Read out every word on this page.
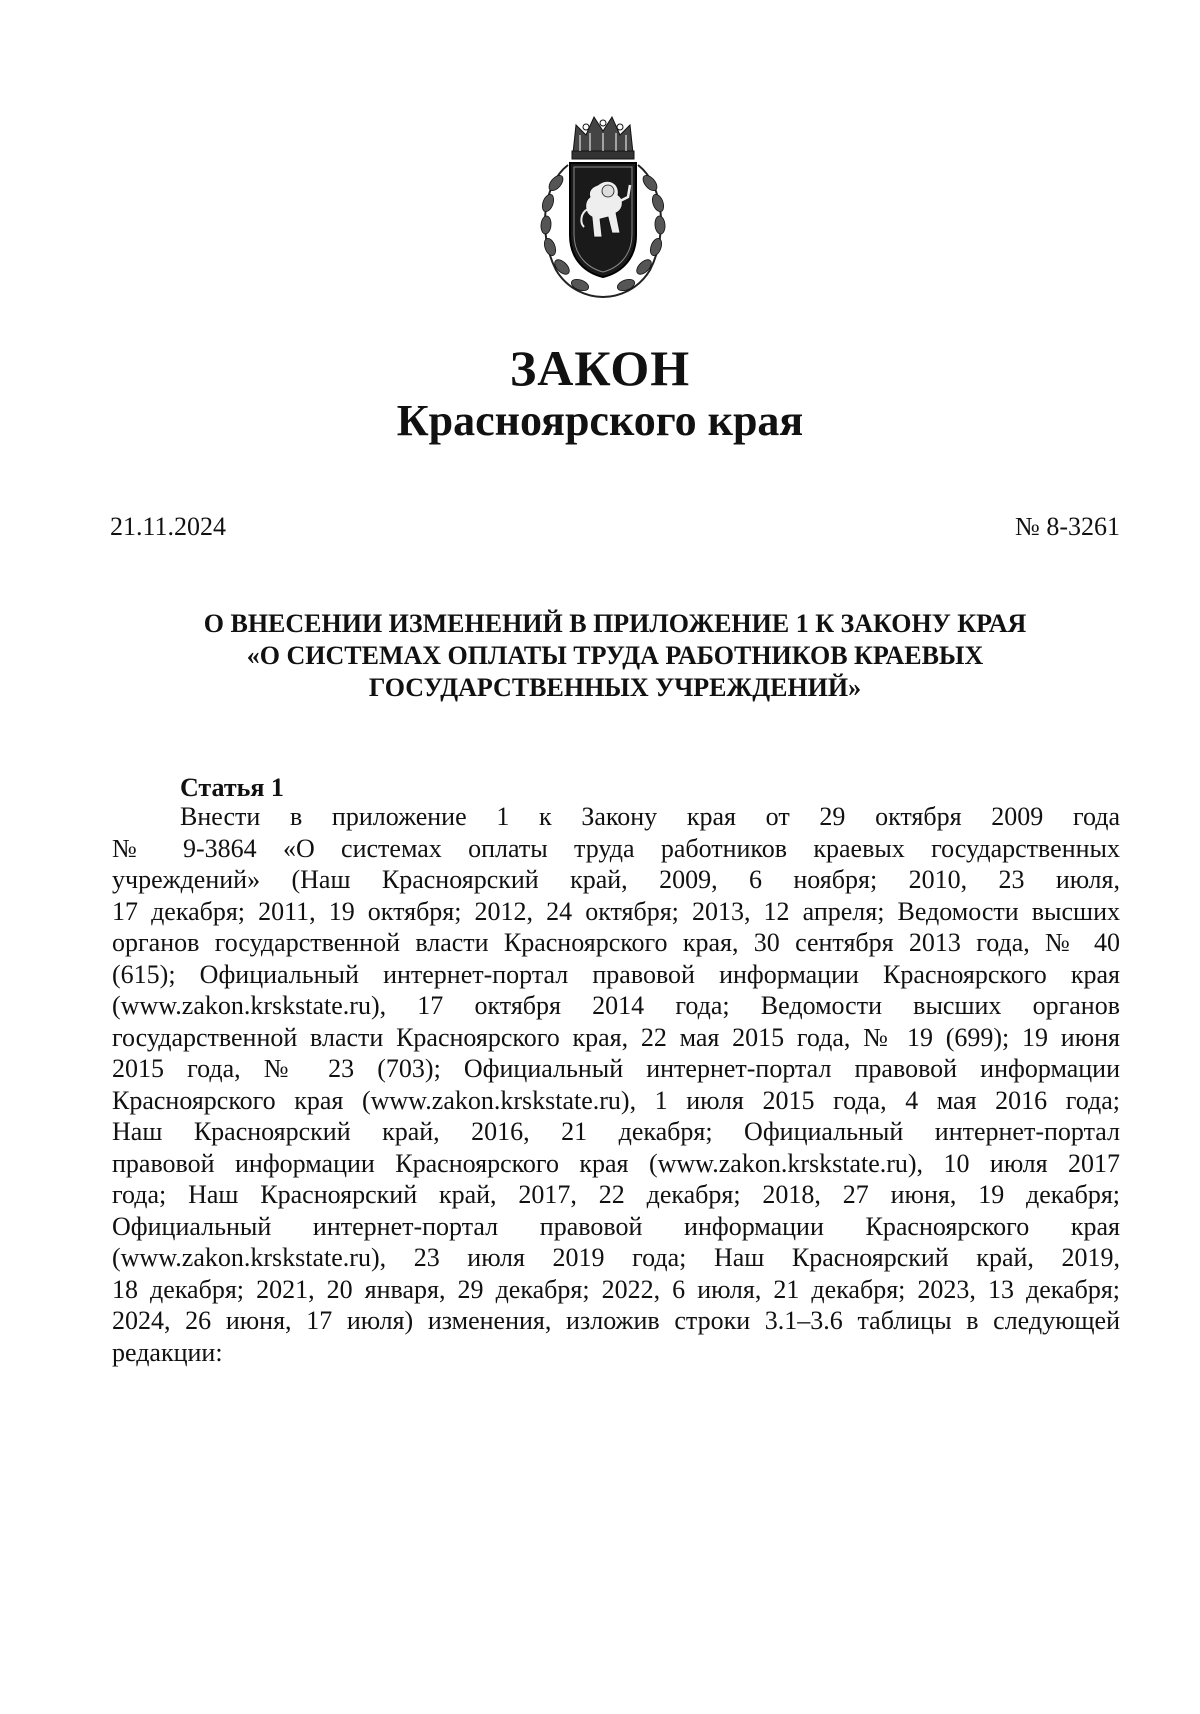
ЗАКОН
Красноярского края
21.11.2024	№ 8-3261
О ВНЕСЕНИИ ИЗМЕНЕНИЙ В ПРИЛОЖЕНИЕ 1 К ЗАКОНУ КРАЯ
«О СИСТЕМАХ ОПЛАТЫ ТРУДА РАБОТНИКОВ КРАЕВЫХ
ГОСУДАРСТВЕННЫХ УЧРЕЖДЕНИЙ»
Статья 1
Внести в приложение 1 к Закону края от 29 октября 2009 года
№ 9-3864 «О системах оплаты труда работников краевых государственных
учреждений» (Наш Красноярский край, 2009, 6 ноября; 2010, 23 июля,
17 декабря; 2011, 19 октября; 2012, 24 октября; 2013, 12 апреля; Ведомости высших
органов государственной власти Красноярского края, 30 сентября 2013 года, № 40
(615); Официальный интернет-портал правовой информации Красноярского края
(www.zakon.krskstate.ru), 17 октября 2014 года; Ведомости высших органов
государственной власти Красноярского края, 22 мая 2015 года, № 19 (699); 19 июня
2015 года, № 23 (703); Официальный интернет-портал правовой информации
Красноярского края (www.zakon.krskstate.ru), 1 июля 2015 года, 4 мая 2016 года;
Наш Красноярский край, 2016, 21 декабря; Официальный интернет-портал
правовой информации Красноярского края (www.zakon.krskstate.ru), 10 июля 2017
года; Наш Красноярский край, 2017, 22 декабря; 2018, 27 июня, 19 декабря;
Официальный интернет-портал правовой информации Красноярского края
(www.zakon.krskstate.ru), 23 июля 2019 года; Наш Красноярский край, 2019,
18 декабря; 2021, 20 января, 29 декабря; 2022, 6 июля, 21 декабря; 2023, 13 декабря;
2024, 26 июня, 17 июля) изменения, изложив строки 3.1–3.6 таблицы в следующей
редакции:
